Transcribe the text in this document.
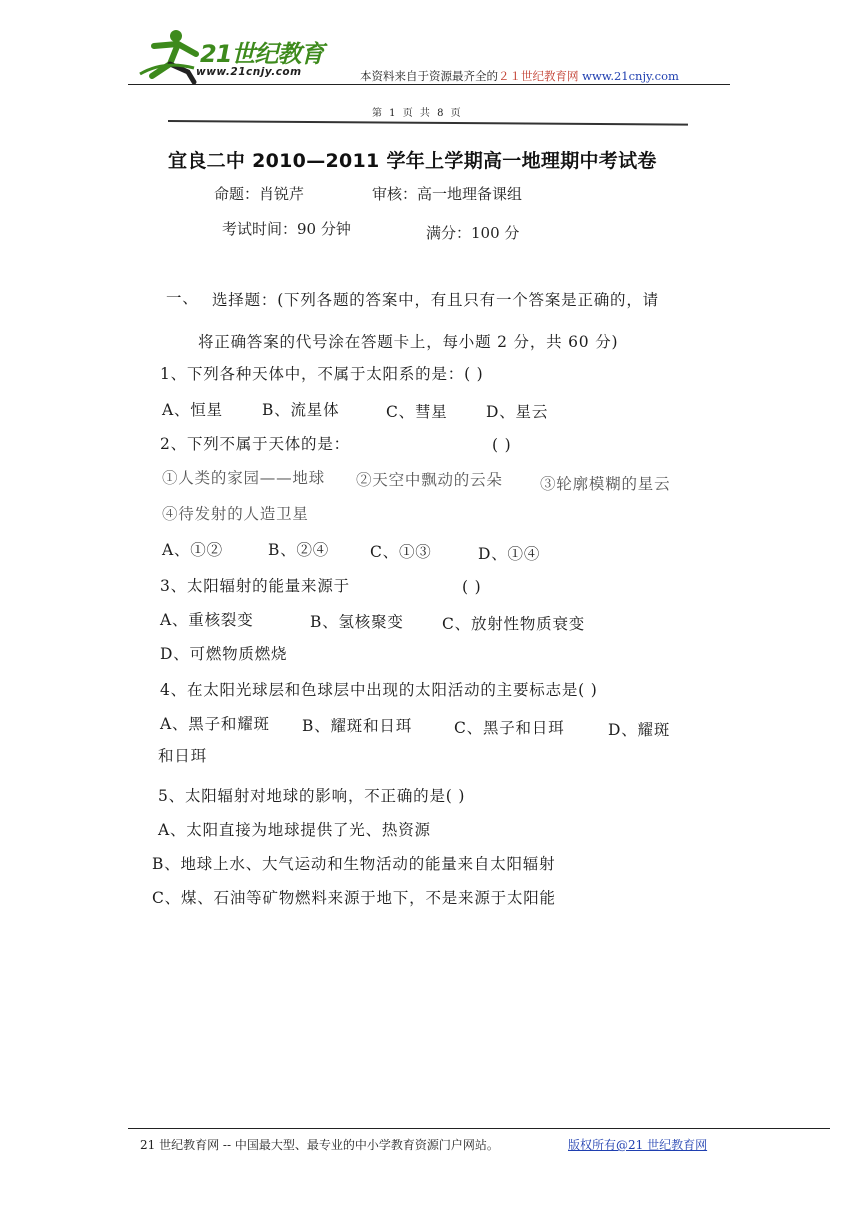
21世纪教育
www.21cnjy.com	本资料来自于资源最齐全的２１世纪教育网 www.21cnjy.com
第 1 页 共 8 页
宜良二中 2010—2011 学年上学期高一地理期中考试卷
命题：肖锐芹	审核：高一地理备课组
考试时间：90 分钟	满分：100 分
一、 选择题：(下列各题的答案中，有且只有一个答案是正确的，请
将正确答案的代号涂在答题卡上，每小题 2 分，共 60 分)
1、下列各种天体中，不属于太阳系的是：( )
A、恒星	B、流星体	C、彗星 D、星云
2、下列不属于天体的是：	( )
①人类的家园——地球 ②天空中飘动的云朵 ③轮廓模糊的星云
④待发射的人造卫星
A、①②	B、②④	C、①③	D、①④
3、太阳辐射的能量来源于	( )
A、重核裂变	B、氢核聚变 C、放射性物质衰变
D、可燃物质燃烧
4、在太阳光球层和色球层中出现的太阳活动的主要标志是( )
A、黑子和耀斑 B、耀斑和日珥	C、黑子和日珥	D、耀斑
和日珥
5、太阳辐射对地球的影响，不正确的是( )
A、太阳直接为地球提供了光、热资源
B、地球上水、大气运动和生物活动的能量来自太阳辐射
C、煤、石油等矿物燃料来源于地下，不是来源于太阳能
21 世纪教育网 -- 中国最大型、最专业的中小学教育资源门户网站。	版权所有@21 世纪教育网
